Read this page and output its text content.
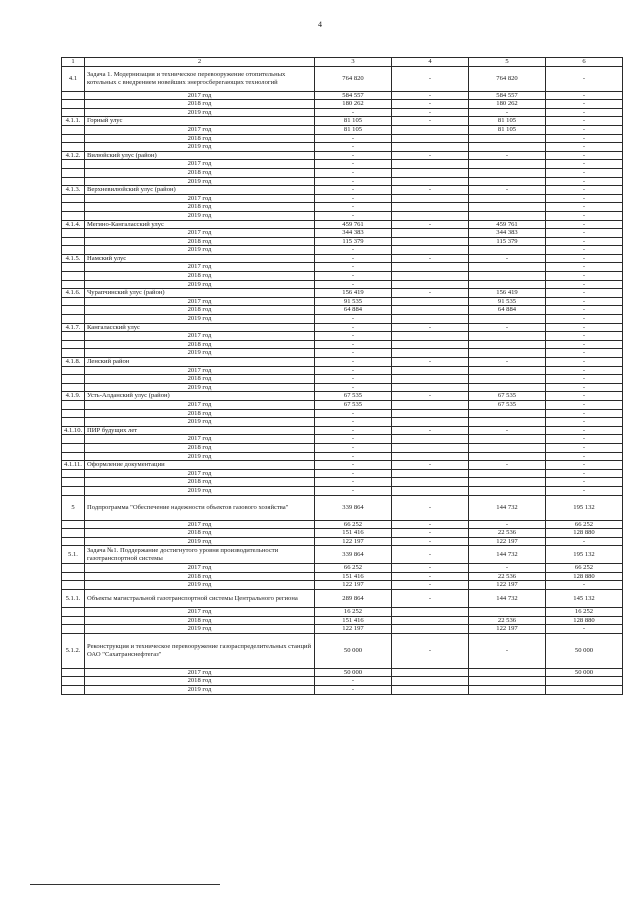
4
1	2	3	4	5	6
4.1	Задача 1. Модернизация и техническое перевооружение отопительных котельных с внедрением новейших энергосберегающих технологий	764 820	-	764 820	-
	2017 год	584 557	-	584 557	-
	2018 год	180 262	-	180 262	-
	2019 год	-	-	-	-
4.1.1.	Горный улус	81 105	-	81 105	-
	2017 год	81 105		81 105	-
	2018 год	-			-
	2019 год	-			-
4.1.2.	Вилюйский улус (район)	-	-	-	-
	2017 год	-			-
	2018 год	-			-
	2019 год	-			-
4.1.3.	Верхневилюйский улус (район)	-	-	-	-
	2017 год	-			-
	2018 год	-			-
	2019 год	-			-
4.1.4.	Мегино-Кангаласский улус	459 761	-	459 761	-
	2017 год	344 383		344 383	-
	2018 год	115 379		115 379	-
	2019 год	-			-
4.1.5.	Намский улус	-	-	-	-
	2017 год	-			-
	2018 год	-			-
	2019 год	-			-
4.1.6.	Чурапчинский улус (район)	156 419	-	156 419	-
	2017 год	91 535		91 535	-
	2018 год	64 884		64 884	-
	2019 год	-			-
4.1.7.	Кангаласский улус	-	-	-	-
	2017 год	-			-
	2018 год	-			-
	2019 год	-			-
4.1.8.	Ленский район	-	-	-	-
	2017 год	-			-
	2018 год	-			-
	2019 год	-			-
4.1.9.	Усть-Алданский улус (район)	67 535	-	67 535	-
	2017 год	67 535		67 535	-
	2018 год	-			-
	2019 год	-			-
4.1.10.	ПИР будущих лет	-	-	-	-
	2017 год	-			-
	2018 год	-			-
	2019 год	-			-
4.1.11.	Оформление документации	-	-	-	-
	2017 год	-			-
	2018 год	-			-
	2019 год	-			-
5	Подпрограмма "Обеспечение надежности объектов газового хозяйства"	339 864	-	144 732	195 132
	2017 год	66 252	-	-	66 252
	2018 год	151 416	-	22 536	128 880
	2019 год	122 197	-	122 197	-
5.1.	Задача №1. Поддержание достигнутого уровня производительности газотранспортной системы	339 864	-	144 732	195 132
	2017 год	66 252	-	-	66 252
	2018 год	151 416	-	22 536	128 880
	2019 год	122 197	-	122 197	-
5.1.1.	Объекты магистральной газотранспортной системы Центрального региона	289 864	-	144 732	145 132
	2017 год	16 252			16 252
	2018 год	151 416		22 536	128 880
	2019 год	122 197		122 197	-
5.1.2.	Реконструкция и техническое перевооружение газораспределительных станций ОАО "Сахатранснефтегаз"	50 000	-	-	50 000
	2017 год	50 000			50 000
	2018 год	-			
	2019 год	-			
